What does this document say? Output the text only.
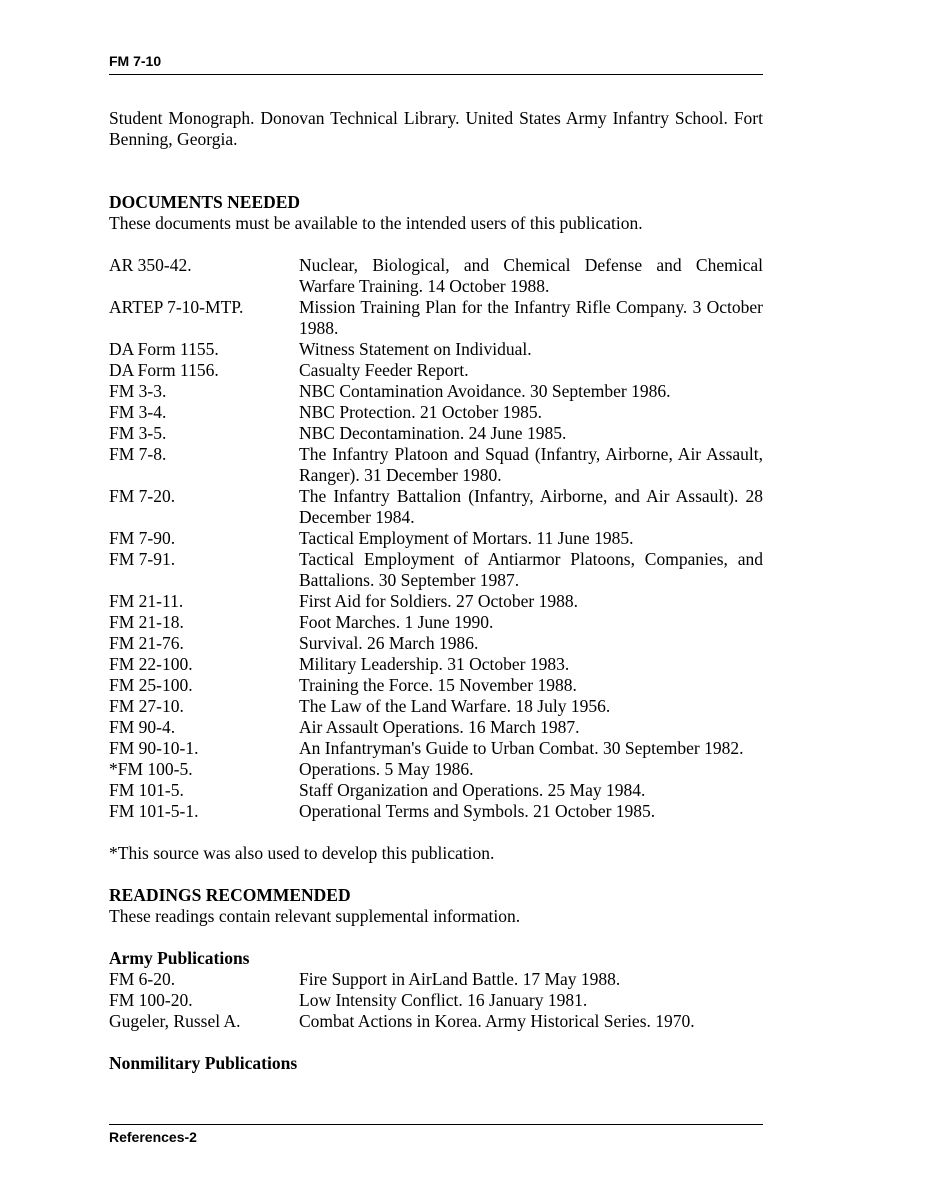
FM 7-10

Student Monograph. Donovan Technical Library. United States Army Infantry School. Fort Benning, Georgia.

DOCUMENTS NEEDED

These documents must be available to the intended users of this publication.

AR 350-42.	Nuclear, Biological, and Chemical Defense and Chemical Warfare Training. 14 October 1988.
ARTEP 7-10-MTP.	Mission Training Plan for the Infantry Rifle Company. 3 October 1988.
DA Form 1155.	Witness Statement on Individual.
DA Form 1156.	Casualty Feeder Report.
FM 3-3.	NBC Contamination Avoidance. 30 September 1986.
FM 3-4.	NBC Protection. 21 October 1985.
FM 3-5.	NBC Decontamination. 24 June 1985.
FM 7-8.	The Infantry Platoon and Squad (Infantry, Airborne, Air Assault, Ranger). 31 December 1980.
FM 7-20.	The Infantry Battalion (Infantry, Airborne, and Air Assault). 28 December 1984.
FM 7-90.	Tactical Employment of Mortars. 11 June 1985.
FM 7-91.	Tactical Employment of Antiarmor Platoons, Companies, and Battalions. 30 September 1987.
FM 21-11.	First Aid for Soldiers. 27 October 1988.
FM 21-18.	Foot Marches. 1 June 1990.
FM 21-76.	Survival. 26 March 1986.
FM 22-100.	Military Leadership. 31 October 1983.
FM 25-100.	Training the Force. 15 November 1988.
FM 27-10.	The Law of the Land Warfare. 18 July 1956.
FM 90-4.	Air Assault Operations. 16 March 1987.
FM 90-10-1.	An Infantryman's Guide to Urban Combat. 30 September 1982.
*FM 100-5.	Operations. 5 May 1986.
FM 101-5.	Staff Organization and Operations. 25 May 1984.
FM 101-5-1.	Operational Terms and Symbols. 21 October 1985.

*This source was also used to develop this publication.

READINGS RECOMMENDED

These readings contain relevant supplemental information.

Army Publications

FM 6-20.	Fire Support in AirLand Battle. 17 May 1988.
FM 100-20.	Low Intensity Conflict. 16 January 1981.
Gugeler, Russel A.	Combat Actions in Korea. Army Historical Series. 1970.

Nonmilitary Publications

References-2
